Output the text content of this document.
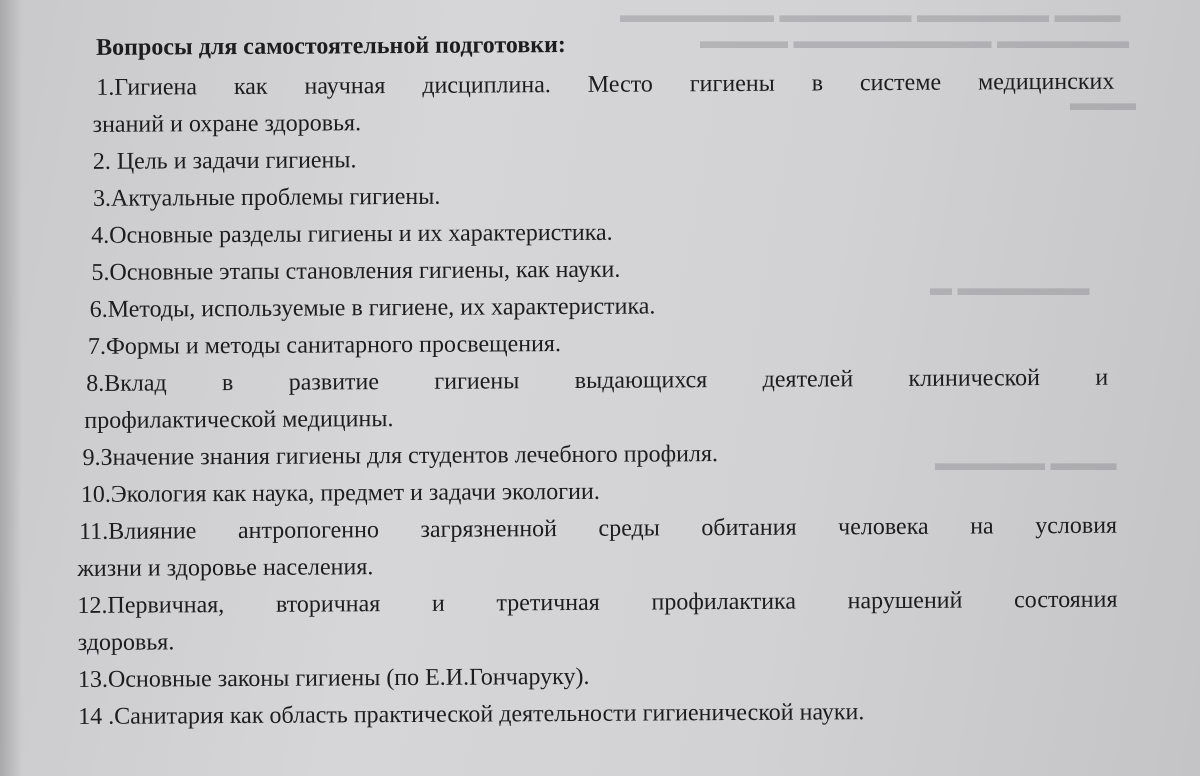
▬▬▬ ▬▬▬▬▬▬ ▬▬▬▬▬▬ ▬▬▬▬▬▬▬
▬▬▬▬▬▬ ▬▬▬▬▬▬▬▬▬ ▬▬▬▬
▬▬▬▬▬▬ ▬
▬▬▬ ▬▬▬▬▬
▬▬▬
Вопросы для самостоятельной подготовки:
1.Гигиена как научная дисциплина. Место гигиены в системе медицинских
знаний и охране здоровья.
2. Цель и задачи гигиены.
3.Актуальные проблемы гигиены.
4.Основные разделы гигиены и их характеристика.
5.Основные этапы становления гигиены, как науки.
6.Методы, используемые в гигиене, их характеристика.
7.Формы и методы санитарного просвещения.
8.Вклад в развитие гигиены выдающихся деятелей клинической и
профилактической медицины.
9.Значение знания гигиены для студентов лечебного профиля.
10.Экология как наука, предмет и задачи экологии.
11.Влияние антропогенно загрязненной среды обитания человека на условия
жизни и здоровье населения.
12.Первичная, вторичная и третичная профилактика нарушений состояния
здоровья.
13.Основные законы гигиены (по Е.И.Гончаруку).
14 .Санитария как область практической деятельности гигиенической науки.
